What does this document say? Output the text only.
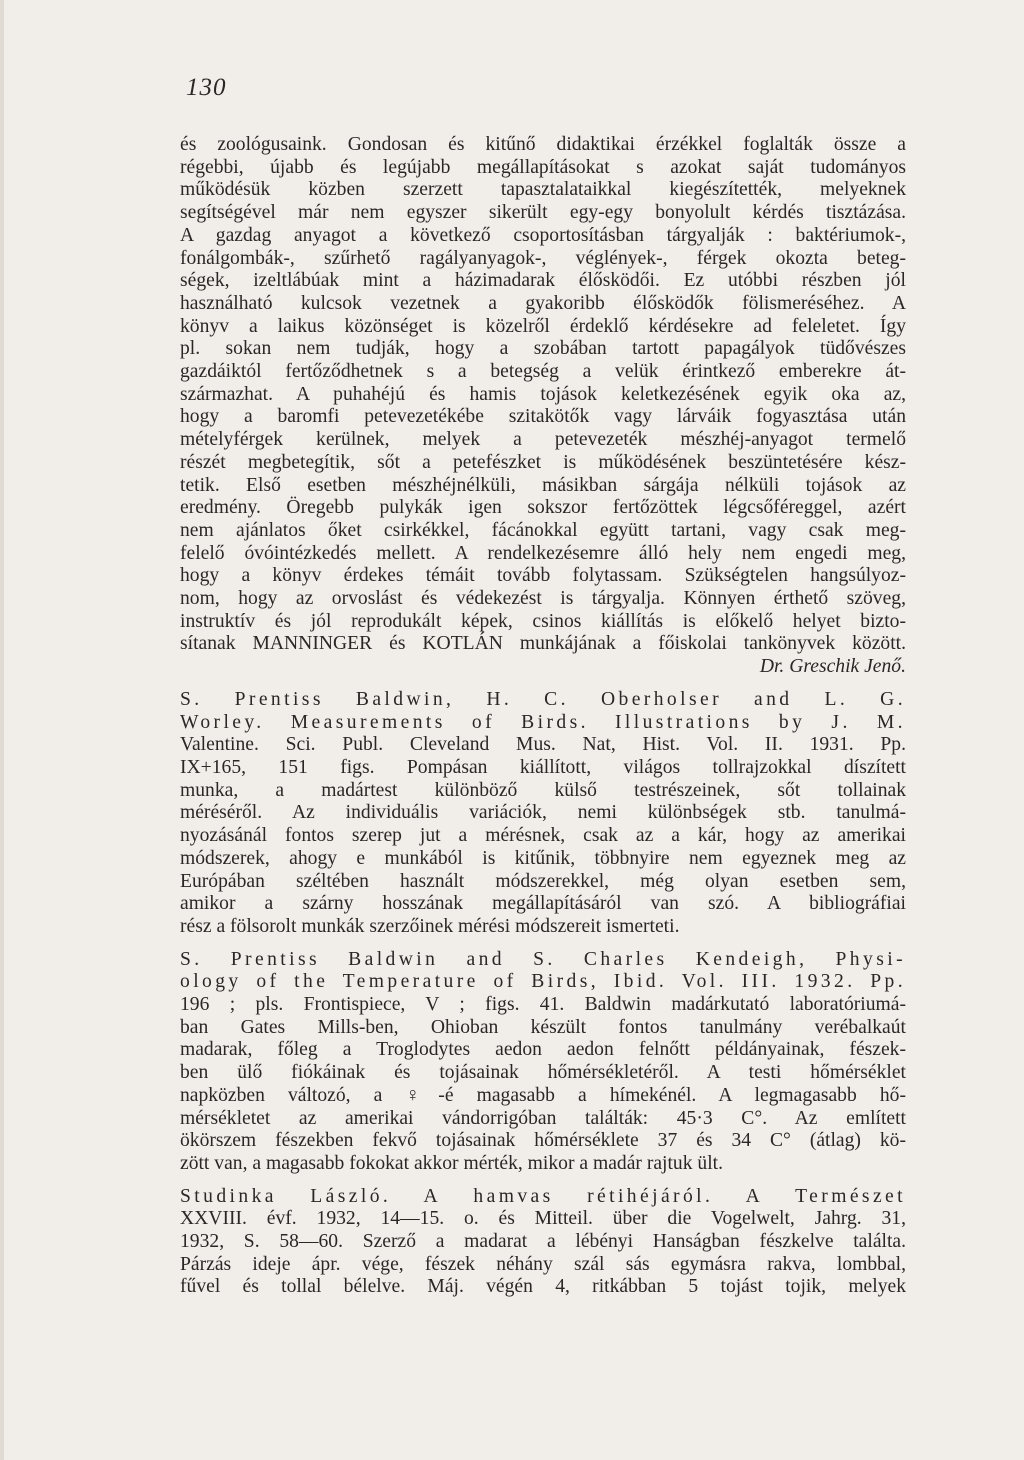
130
és zoológusaink. Gondosan és kitűnő didaktikai érzékkel foglalták össze a
régebbi, újabb és legújabb megállapításokat s azokat saját tudományos
működésük közben szerzett tapasztalataikkal kiegészítették, melyeknek
segítségével már nem egyszer sikerült egy-egy bonyolult kérdés tisztázása.
A gazdag anyagot a következő csoportosításban tárgyalják : baktériumok-,
fonálgombák-, szűrhető ragályanyagok-, véglények-, férgek okozta beteg-
ségek, izeltlábúak mint a házimadarak élősködői. Ez utóbbi részben jól
használható kulcsok vezetnek a gyakoribb élősködők fölismeréséhez. A
könyv a laikus közönséget is közelről érdeklő kérdésekre ad feleletet. Így
pl. sokan nem tudják, hogy a szobában tartott papagályok tüdővészes
gazdáiktól fertőződhetnek s a betegség a velük érintkező emberekre át-
származhat. A puhahéjú és hamis tojások keletkezésének egyik oka az,
hogy a baromfi petevezetékébe szitakötők vagy lárváik fogyasztása után
mételyférgek kerülnek, melyek a petevezeték mészhéj-anyagot termelő
részét megbetegítik, sőt a petefészket is működésének beszüntetésére kész-
tetik. Első esetben mészhéjnélküli, másikban sárgája nélküli tojások az
eredmény. Öregebb pulykák igen sokszor fertőzöttek légcsőféreggel, azért
nem ajánlatos őket csirkékkel, fácánokkal együtt tartani, vagy csak meg-
felelő óvóintézkedés mellett. A rendelkezésemre álló hely nem engedi meg,
hogy a könyv érdekes témáit tovább folytassam. Szükségtelen hangsúlyoz-
nom, hogy az orvoslást és védekezést is tárgyalja. Könnyen érthető szöveg,
instruktív és jól reprodukált képek, csinos kiállítás is előkelő helyet bizto-
sítanak MANNINGER és KOTLÁN munkájának a főiskolai tankönyvek között.
Dr. Greschik Jenő.
S. Prentiss Baldwin, H. C. Oberholser and L. G.
Worley. Measurements of Birds. Illustrations by J. M.
Valentine. Sci. Publ. Cleveland Mus. Nat, Hist. Vol. II. 1931. Pp.
IX+165, 151 figs. Pompásan kiállított, világos tollrajzokkal díszített
munka, a madártest különböző külső testrészeinek, sőt tollainak
méréséről. Az individuális variációk, nemi különbségek stb. tanulmá-
nyozásánál fontos szerep jut a mérésnek, csak az a kár, hogy az amerikai
módszerek, ahogy e munkából is kitűnik, többnyire nem egyeznek meg az
Európában széltében használt módszerekkel, még olyan esetben sem,
amikor a szárny hosszának megállapításáról van szó. A bibliográfiai
rész a fölsorolt munkák szerzőinek mérési módszereit ismerteti.
S. Prentiss Baldwin and S. Charles Kendeigh, Physi-
ology of the Temperature of Birds, Ibid. Vol. III. 1932. Pp.
196 ; pls. Frontispiece, V ; figs. 41. Baldwin madárkutató laboratóriumá-
ban Gates Mills-ben, Ohioban készült fontos tanulmány verébalkaút
madarak, főleg a Troglodytes aedon aedon felnőtt példányainak, fészek-
ben ülő fiókáinak és tojásainak hőmérsékletéről. A testi hőmérséklet
napközben változó, a ♀-é magasabb a hímekénél. A legmagasabb hő-
mérsékletet az amerikai vándorrigóban találták: 45·3 C°. Az említett
ökörszem fészekben fekvő tojásainak hőmérséklete 37 és 34 C° (átlag) kö-
zött van, a magasabb fokokat akkor mérték, mikor a madár rajtuk ült.
Studinka László. A hamvas rétihéjáról. A Természet
XXVIII. évf. 1932, 14—15. o. és Mitteil. über die Vogelwelt, Jahrg. 31,
1932, S. 58—60. Szerző a madarat a lébényi Hanságban fészkelve találta.
Párzás ideje ápr. vége, fészek néhány szál sás egymásra rakva, lombbal,
fűvel és tollal bélelve. Máj. végén 4, ritkábban 5 tojást tojik, melyek
